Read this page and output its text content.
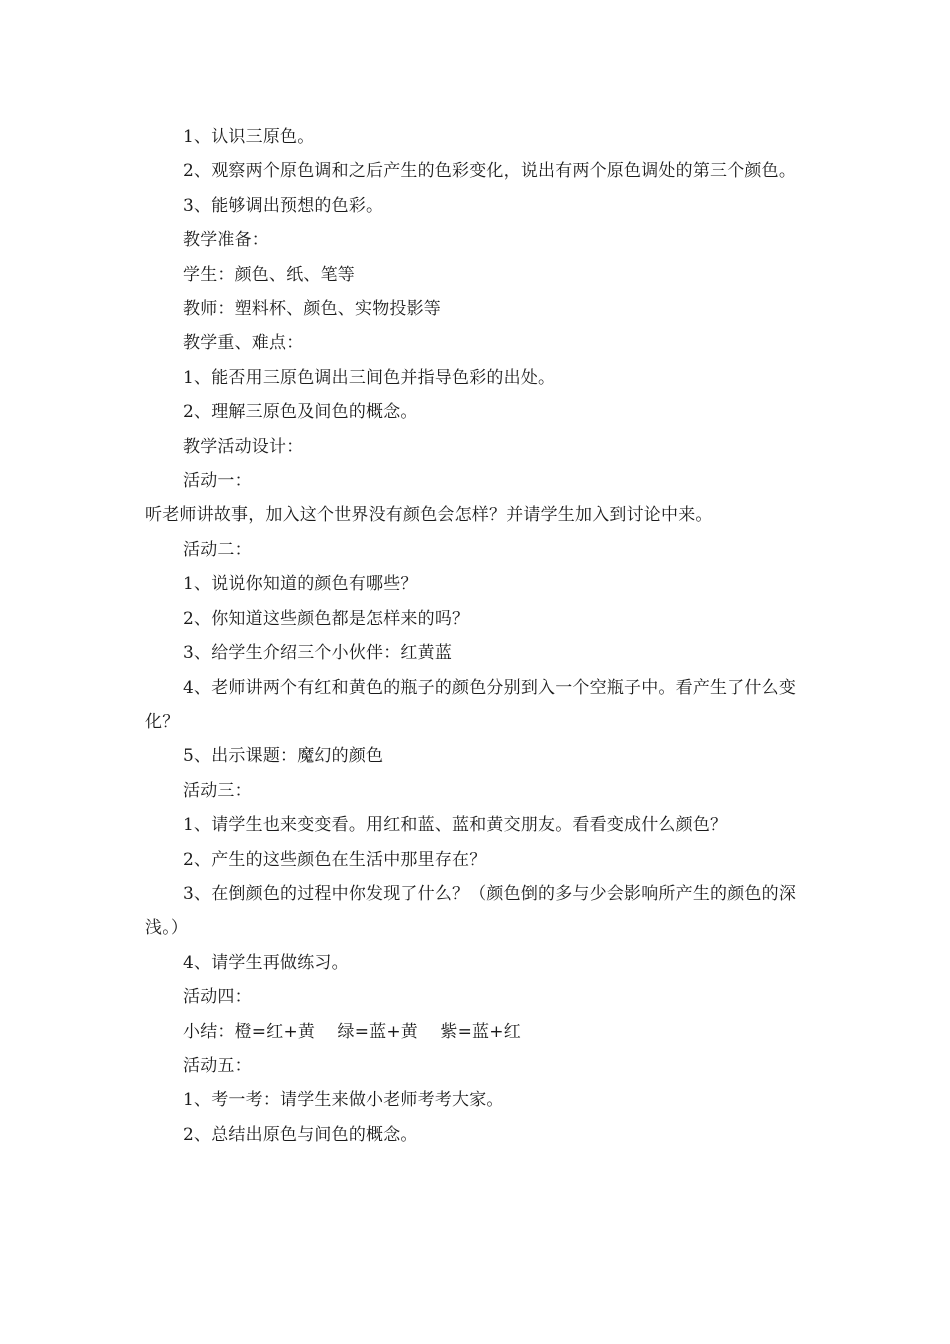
1、认识三原色。

2、观察两个原色调和之后产生的色彩变化，说出有两个原色调处的第三个颜色。

3、能够调出预想的色彩。

教学准备：

学生：颜色、纸、笔等

教师：塑料杯、颜色、实物投影等

教学重、难点：

1、能否用三原色调出三间色并指导色彩的出处。

2、理解三原色及间色的概念。

教学活动设计：

活动一：

听老师讲故事，加入这个世界没有颜色会怎样？并请学生加入到讨论中来。

活动二：

1、说说你知道的颜色有哪些？

2、你知道这些颜色都是怎样来的吗？

3、给学生介绍三个小伙伴：红黄蓝

4、老师讲两个有红和黄色的瓶子的颜色分别到入一个空瓶子中。看产生了什么变化？

5、出示课题：魔幻的颜色

活动三：

1、请学生也来变变看。用红和蓝、蓝和黄交朋友。看看变成什么颜色？

2、产生的这些颜色在生活中那里存在？

3、在倒颜色的过程中你发现了什么？（颜色倒的多与少会影响所产生的颜色的深浅。）

4、请学生再做练习。

活动四：

小结：橙=红+黄    绿=蓝+黄    紫=蓝+红

活动五：

1、考一考：请学生来做小老师考考大家。

2、总结出原色与间色的概念。
